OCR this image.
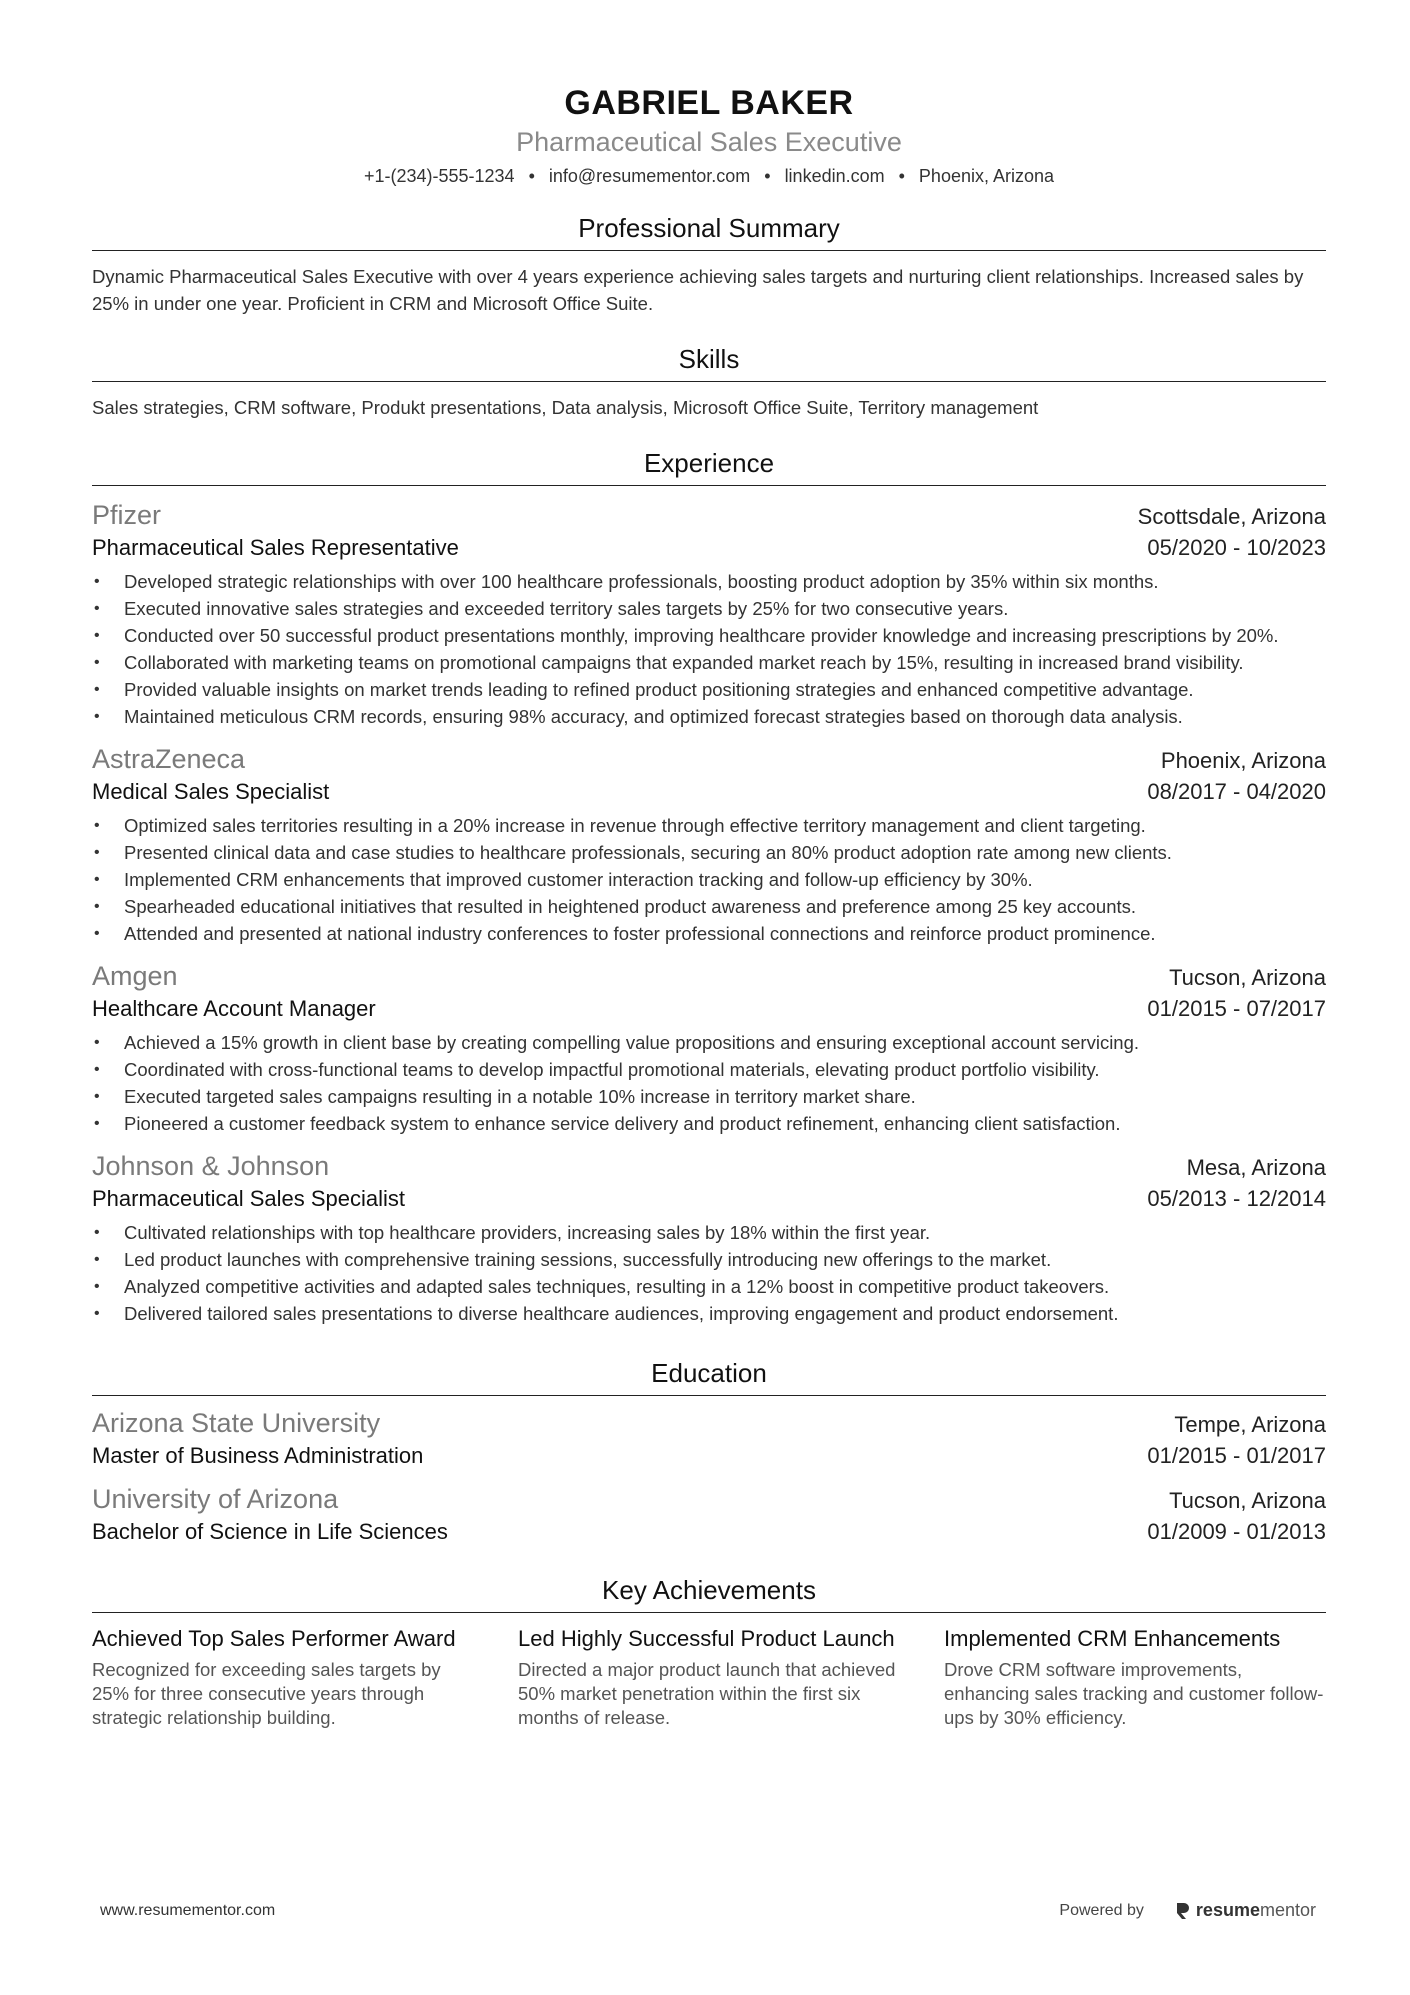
GABRIEL BAKER
Pharmaceutical Sales Executive
+1-(234)-555-1234 • info@resumementor.com • linkedin.com • Phoenix, Arizona
Professional Summary
Dynamic Pharmaceutical Sales Executive with over 4 years experience achieving sales targets and nurturing client relationships. Increased sales by 25% in under one year. Proficient in CRM and Microsoft Office Suite.
Skills
Sales strategies, CRM software, Produkt presentations, Data analysis, Microsoft Office Suite, Territory management
Experience
Pfizer	Scottsdale, Arizona
Pharmaceutical Sales Representative	05/2020 - 10/2023
• Developed strategic relationships with over 100 healthcare professionals, boosting product adoption by 35% within six months.
• Executed innovative sales strategies and exceeded territory sales targets by 25% for two consecutive years.
• Conducted over 50 successful product presentations monthly, improving healthcare provider knowledge and increasing prescriptions by 20%.
• Collaborated with marketing teams on promotional campaigns that expanded market reach by 15%, resulting in increased brand visibility.
• Provided valuable insights on market trends leading to refined product positioning strategies and enhanced competitive advantage.
• Maintained meticulous CRM records, ensuring 98% accuracy, and optimized forecast strategies based on thorough data analysis.
AstraZeneca	Phoenix, Arizona
Medical Sales Specialist	08/2017 - 04/2020
• Optimized sales territories resulting in a 20% increase in revenue through effective territory management and client targeting.
• Presented clinical data and case studies to healthcare professionals, securing an 80% product adoption rate among new clients.
• Implemented CRM enhancements that improved customer interaction tracking and follow-up efficiency by 30%.
• Spearheaded educational initiatives that resulted in heightened product awareness and preference among 25 key accounts.
• Attended and presented at national industry conferences to foster professional connections and reinforce product prominence.
Amgen	Tucson, Arizona
Healthcare Account Manager	01/2015 - 07/2017
• Achieved a 15% growth in client base by creating compelling value propositions and ensuring exceptional account servicing.
• Coordinated with cross-functional teams to develop impactful promotional materials, elevating product portfolio visibility.
• Executed targeted sales campaigns resulting in a notable 10% increase in territory market share.
• Pioneered a customer feedback system to enhance service delivery and product refinement, enhancing client satisfaction.
Johnson & Johnson	Mesa, Arizona
Pharmaceutical Sales Specialist	05/2013 - 12/2014
• Cultivated relationships with top healthcare providers, increasing sales by 18% within the first year.
• Led product launches with comprehensive training sessions, successfully introducing new offerings to the market.
• Analyzed competitive activities and adapted sales techniques, resulting in a 12% boost in competitive product takeovers.
• Delivered tailored sales presentations to diverse healthcare audiences, improving engagement and product endorsement.
Education
Arizona State University	Tempe, Arizona
Master of Business Administration	01/2015 - 01/2017
University of Arizona	Tucson, Arizona
Bachelor of Science in Life Sciences	01/2009 - 01/2013
Key Achievements
Achieved Top Sales Performer Award
Recognized for exceeding sales targets by 25% for three consecutive years through strategic relationship building.
Led Highly Successful Product Launch
Directed a major product launch that achieved 50% market penetration within the first six months of release.
Implemented CRM Enhancements
Drove CRM software improvements, enhancing sales tracking and customer follow-ups by 30% efficiency.
www.resumementor.com	Powered by	resume mentor
